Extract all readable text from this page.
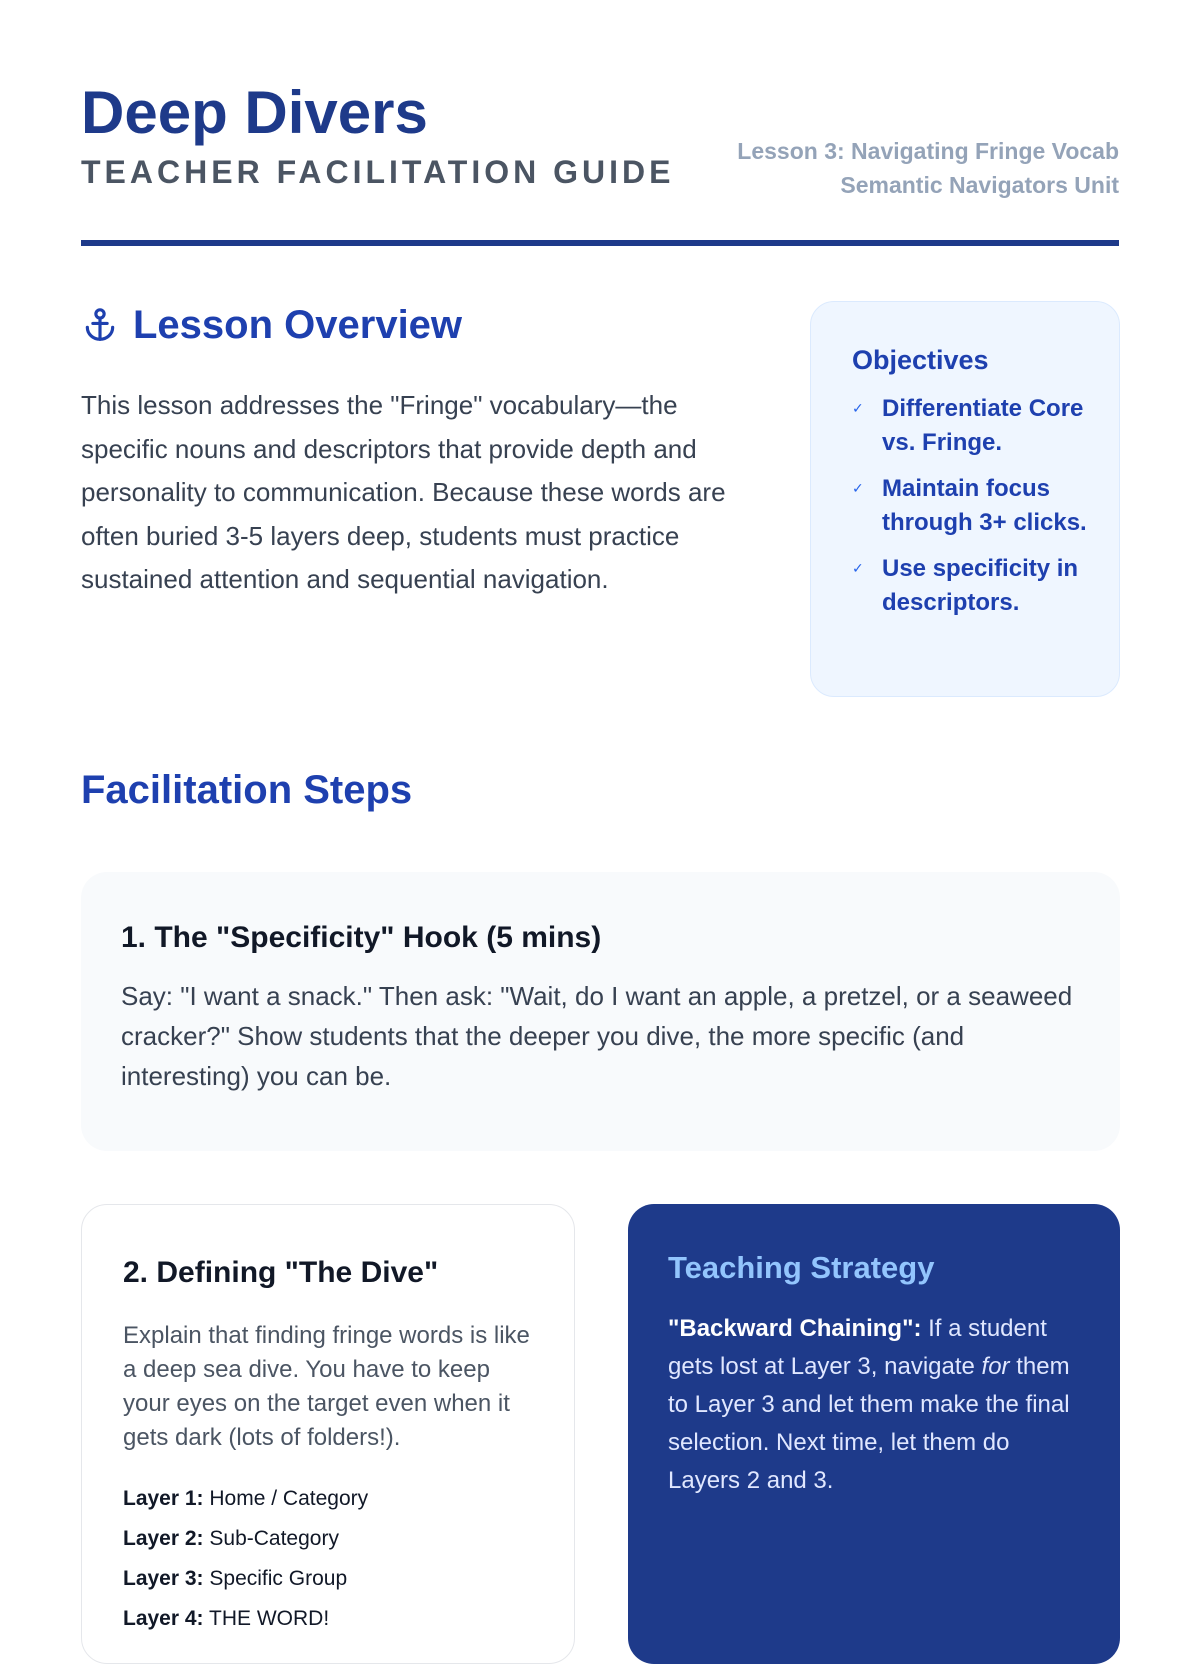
Deep Divers
TEACHER FACILITATION GUIDE
Lesson 3: Navigating Fringe Vocab
Semantic Navigators Unit
Lesson Overview

This lesson addresses the "Fringe" vocabulary—the specific nouns and descriptors that provide depth and personality to communication. Because these words are often buried 3-5 layers deep, students must practice sustained attention and sequential navigation.

Objectives
✓ Differentiate Core vs. Fringe.
✓ Maintain focus through 3+ clicks.
✓ Use specificity in descriptors.
Facilitation Steps
1. The "Specificity" Hook (5 mins)

Say: "I want a snack." Then ask: "Wait, do I want an apple, a pretzel, or a seaweed cracker?" Show students that the deeper you dive, the more specific (and interesting) you can be.

2. Defining "The Dive"

Explain that finding fringe words is like a deep sea dive. You have to keep your eyes on the target even when it gets dark (lots of folders!).

Layer 1: Home / Category
Layer 2: Sub-Category
Layer 3: Specific Group
Layer 4: THE WORD!
Teaching Strategy

"Backward Chaining": If a student gets lost at Layer 3, navigate for them to Layer 3 and let them make the final selection. Next time, let them do Layers 2 and 3.
